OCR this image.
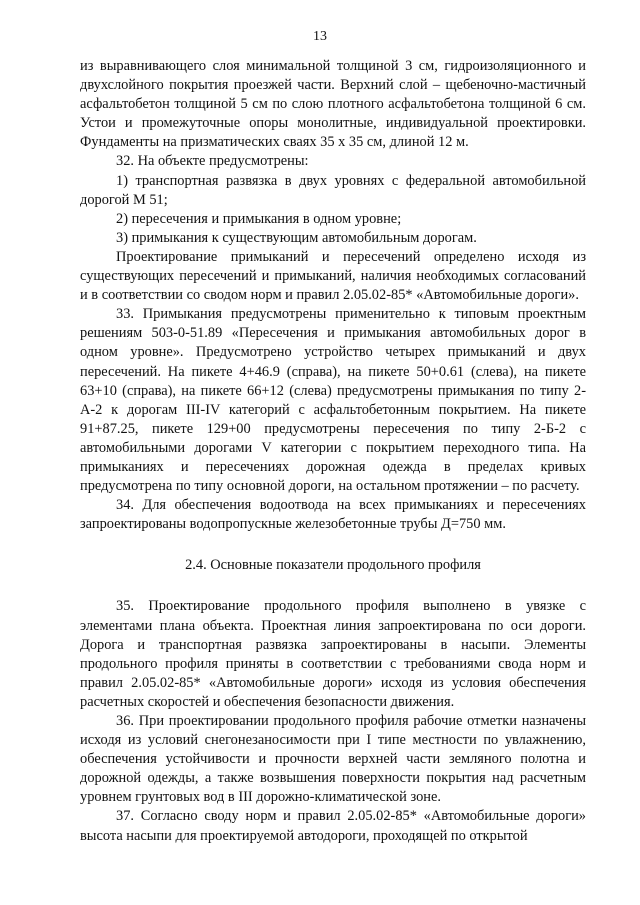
13

из выравнивающего слоя минимальной толщиной 3 см, гидроизоляционного и двухслойного покрытия проезжей части. Верхний слой – щебеночно-мастичный асфальтобетон толщиной 5 см по слою плотного асфальтобетона толщиной 6 см. Устои и промежуточные опоры монолитные, индивидуальной проектировки. Фундаменты на призматических сваях 35 х 35 см, длиной 12 м.

32. На объекте предусмотрены:

1) транспортная развязка в двух уровнях с федеральной автомобильной дорогой М 51;

2) пересечения и примыкания в одном уровне;

3) примыкания к существующим автомобильным дорогам.

Проектирование примыканий и пересечений определено исходя из существующих пересечений и примыканий, наличия необходимых согласований и в соответствии со сводом норм и правил 2.05.02-85* «Автомобильные дороги».

33. Примыкания предусмотрены применительно к типовым проектным решениям 503-0-51.89 «Пересечения и примыкания автомобильных дорог в одном уровне». Предусмотрено устройство четырех примыканий и двух пересечений. На пикете 4+46.9 (справа), на пикете 50+0.61 (слева), на пикете 63+10 (справа), на пикете 66+12 (слева) предусмотрены примыкания по типу 2-А-2 к дорогам III-IV категорий с асфальтобетонным покрытием. На пикете 91+87.25, пикете 129+00 предусмотрены пересечения по типу 2-Б-2 с автомобильными дорогами V категории с покрытием переходного типа. На примыканиях и пересечениях дорожная одежда в пределах кривых предусмотрена по типу основной дороги, на остальном протяжении – по расчету.

34. Для обеспечения водоотвода на всех примыканиях и пересечениях запроектированы водопропускные железобетонные трубы Д=750 мм.

2.4. Основные показатели продольного профиля

35. Проектирование продольного профиля выполнено в увязке с элементами плана объекта. Проектная линия запроектирована по оси дороги. Дорога и транспортная развязка запроектированы в насыпи. Элементы продольного профиля приняты в соответствии с требованиями свода норм и правил 2.05.02-85* «Автомобильные дороги» исходя из условия обеспечения расчетных скоростей и обеспечения безопасности движения.

36. При проектировании продольного профиля рабочие отметки назначены исходя из условий снегонезаносимости при I типе местности по увлажнению, обеспечения устойчивости и прочности верхней части земляного полотна и дорожной одежды, а также возвышения поверхности покрытия над расчетным уровнем грунтовых вод в III дорожно-климатической зоне.

37. Согласно своду норм и правил 2.05.02-85* «Автомобильные дороги» высота насыпи для проектируемой автодороги, проходящей по открытой
